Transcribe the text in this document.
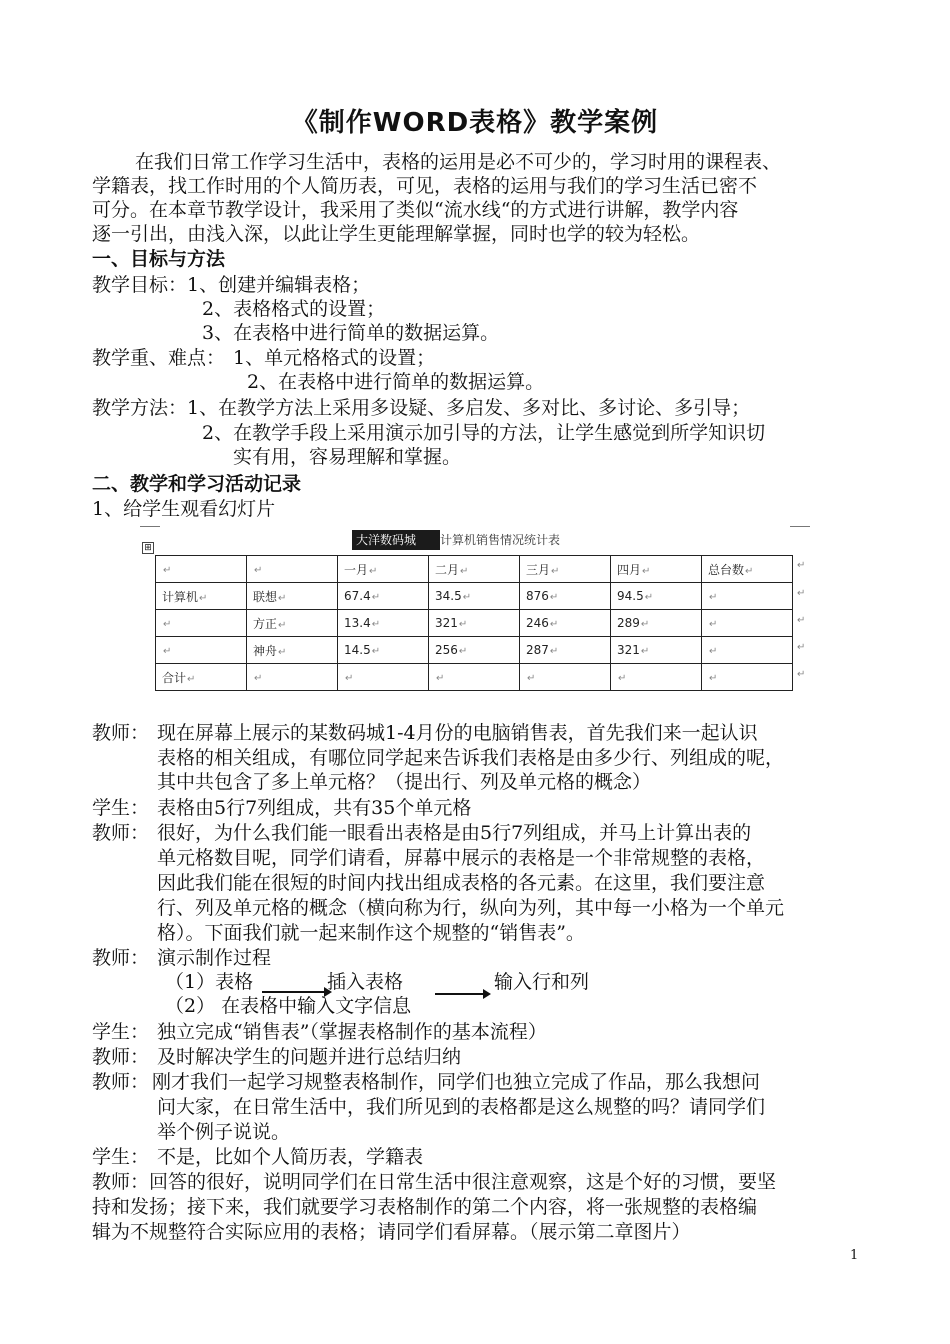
《制作WORD表格》教学案例
在我们日常工作学习生活中，表格的运用是必不可少的，学习时用的课程表、
学籍表，找工作时用的个人简历表，可见，表格的运用与我们的学习生活已密不
可分。在本章节教学设计，我采用了类似“流水线“的方式进行讲解，教学内容
逐一引出，由浅入深，以此让学生更能理解掌握，同时也学的较为轻松。
一、目标与方法
教学目标： 1、创建并编辑表格；
2、表格格式的设置；
3、在表格中进行简单的数据运算。
教学重、难点： 1、单元格格式的设置；
2、在表格中进行简单的数据运算。
教学方法： 1、在教学方法上采用多设疑、多启发、多对比、多讨论、多引导；
2、在教学手段上采用演示加引导的方法，让学生感觉到所学知识切
实有用，容易理解和掌握。
二、教学和学习活动记录
1、给学生观看幻灯片
大洋数码城	计算机销售情况统计表
⊞
↵	↵	一月↵	二月↵	三月↵	四月↵	总台数↵
计算机↵	联想↵	67.4↵	34.5↵	876↵	94.5↵	↵
↵	方正↵	13.4↵	321↵	246↵	289↵	↵
↵	神舟↵	14.5↵	256↵	287↵	321↵	↵
合计↵	↵	↵	↵	↵	↵	↵
↵
↵
↵
↵
↵
教师： 现在屏幕上展示的某数码城1-4月份的电脑销售表，首先我们来一起认识
表格的相关组成，有哪位同学起来告诉我们表格是由多少行、列组成的呢，
其中共包含了多上单元格？（提出行、列及单元格的概念）
学生： 表格由5行7列组成，共有35个单元格
教师： 很好，为什么我们能一眼看出表格是由5行7列组成，并马上计算出表的
单元格数目呢，同学们请看，屏幕中展示的表格是一个非常规整的表格，
因此我们能在很短的时间内找出组成表格的各元素。在这里，我们要注意
行、列及单元格的概念（横向称为行，纵向为列，其中每一小格为一个单元
格）。下面我们就一起来制作这个规整的“销售表”。
教师： 演示制作过程
（1）表格	插入表格	输入行和列
（2） 在表格中输入文字信息
学生： 独立完成“销售表”（掌握表格制作的基本流程）
教师： 及时解决学生的问题并进行总结归纳
教师： 刚才我们一起学习规整表格制作，同学们也独立完成了作品，那么我想问
问大家，在日常生活中，我们所见到的表格都是这么规整的吗？请同学们
举个例子说说。
学生： 不是，比如个人简历表，学籍表
教师：回答的很好，说明同学们在日常生活中很注意观察，这是个好的习惯，要坚
持和发扬；接下来，我们就要学习表格制作的第二个内容，将一张规整的表格编
辑为不规整符合实际应用的表格；请同学们看屏幕。（展示第二章图片）
1
